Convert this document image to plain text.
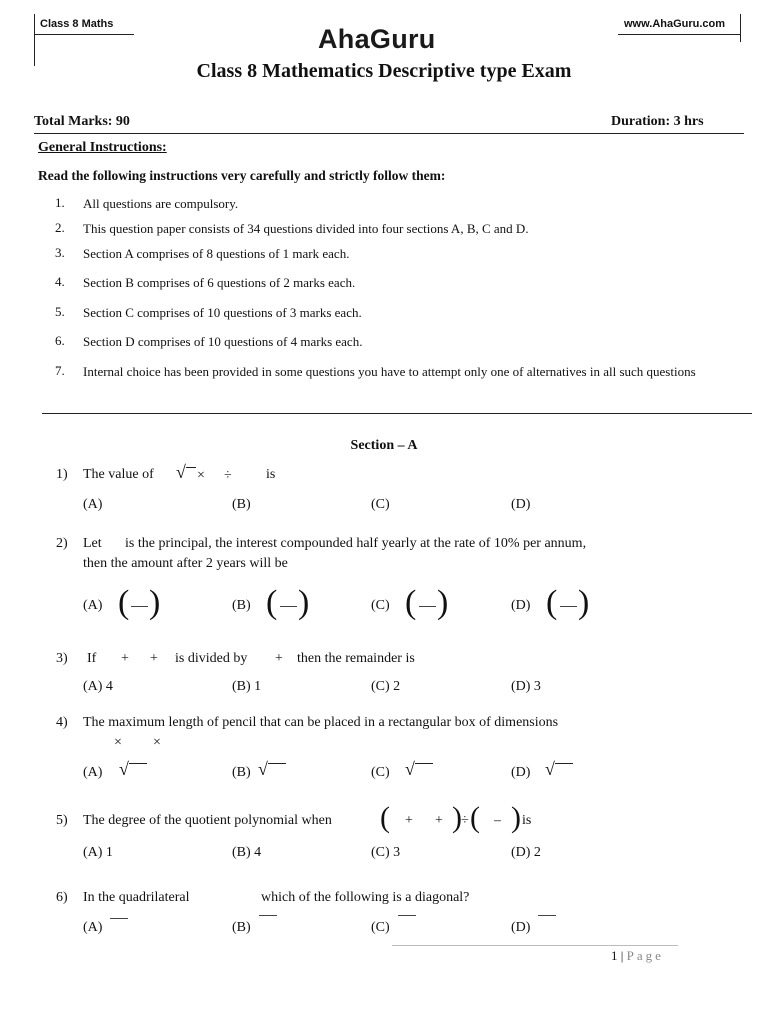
Class 8 Maths	www.AhaGuru.com
AhaGuru
Class 8 Mathematics Descriptive type Exam
Total Marks: 90	Duration: 3 hrs
General Instructions:
Read the following instructions very carefully and strictly follow them:
1. All questions are compulsory.
2. This question paper consists of 34 questions divided into four sections A, B, C and D.
3. Section A comprises of 8 questions of 1 mark each.
4. Section B comprises of 6 questions of 2 marks each.
5. Section C comprises of 10 questions of 3 marks each.
6. Section D comprises of 10 questions of 4 marks each.
7. Internal choice has been provided in some questions you have to attempt only one of alternatives in all such questions
Section – A
1) The value of √ × ÷ is
(A)	(B)	(C)	(D)
2) Let is the principal, the interest compounded half yearly at the rate of 10% per annum,
then the amount after 2 years will be
(A) ( )	(B) ( )	(C) ( )	(D) ( )
3) If + + is divided by + then the remainder is
(A) 4	(B) 1	(C) 2	(D) 3
4) The maximum length of pencil that can be placed in a rectangular box of dimensions
× ×
(A) √	(B) √	(C) √	(D) √
5) The degree of the quotient polynomial when ( + + ) ÷ ( – ) is
(A) 1	(B) 4	(C) 3	(D) 2
6) In the quadrilateral	which of the following is a diagonal?
(A)	(B)	(C)	(D)
1 | Page
